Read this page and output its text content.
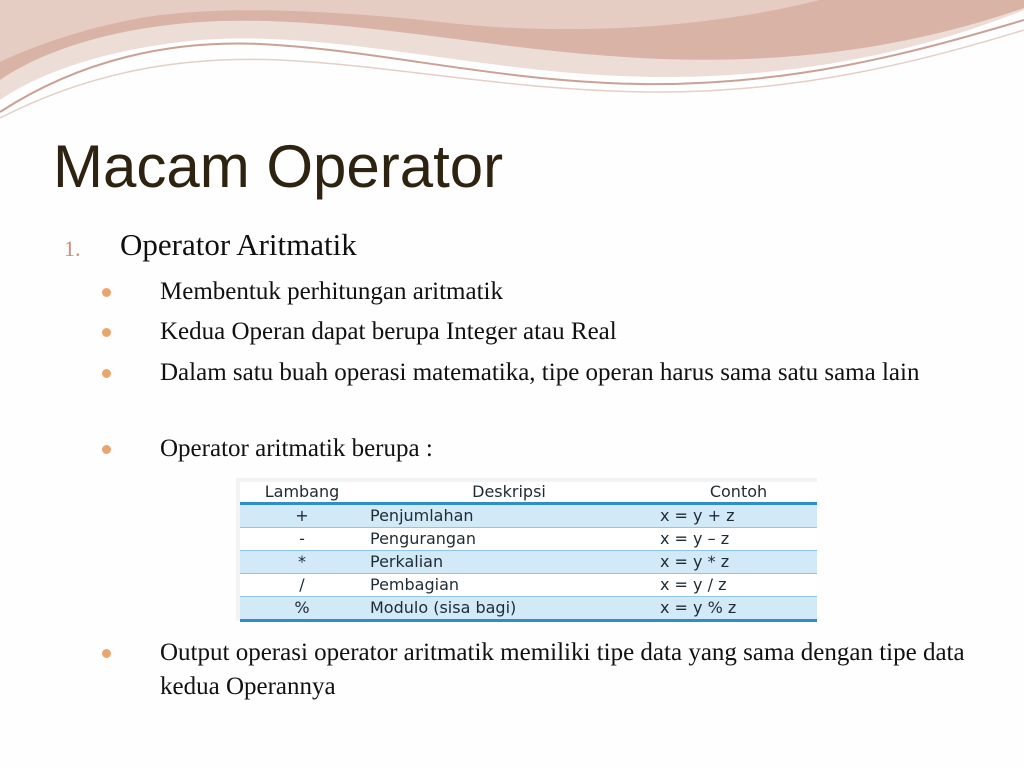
Macam Operator
1. Operator Aritmatik
Membentuk perhitungan aritmatik
Kedua Operan dapat berupa Integer atau Real
Dalam satu buah operasi matematika, tipe operan harus sama satu sama lain
Operator aritmatik berupa :
Lambang	Deskripsi	Contoh
+	Penjumlahan	x = y + z
-	Pengurangan	x = y – z
*	Perkalian	x = y * z
/	Pembagian	x = y / z
%	Modulo (sisa bagi)	x = y % z
Output operasi operator aritmatik memiliki tipe data yang sama dengan tipe data kedua Operannya
